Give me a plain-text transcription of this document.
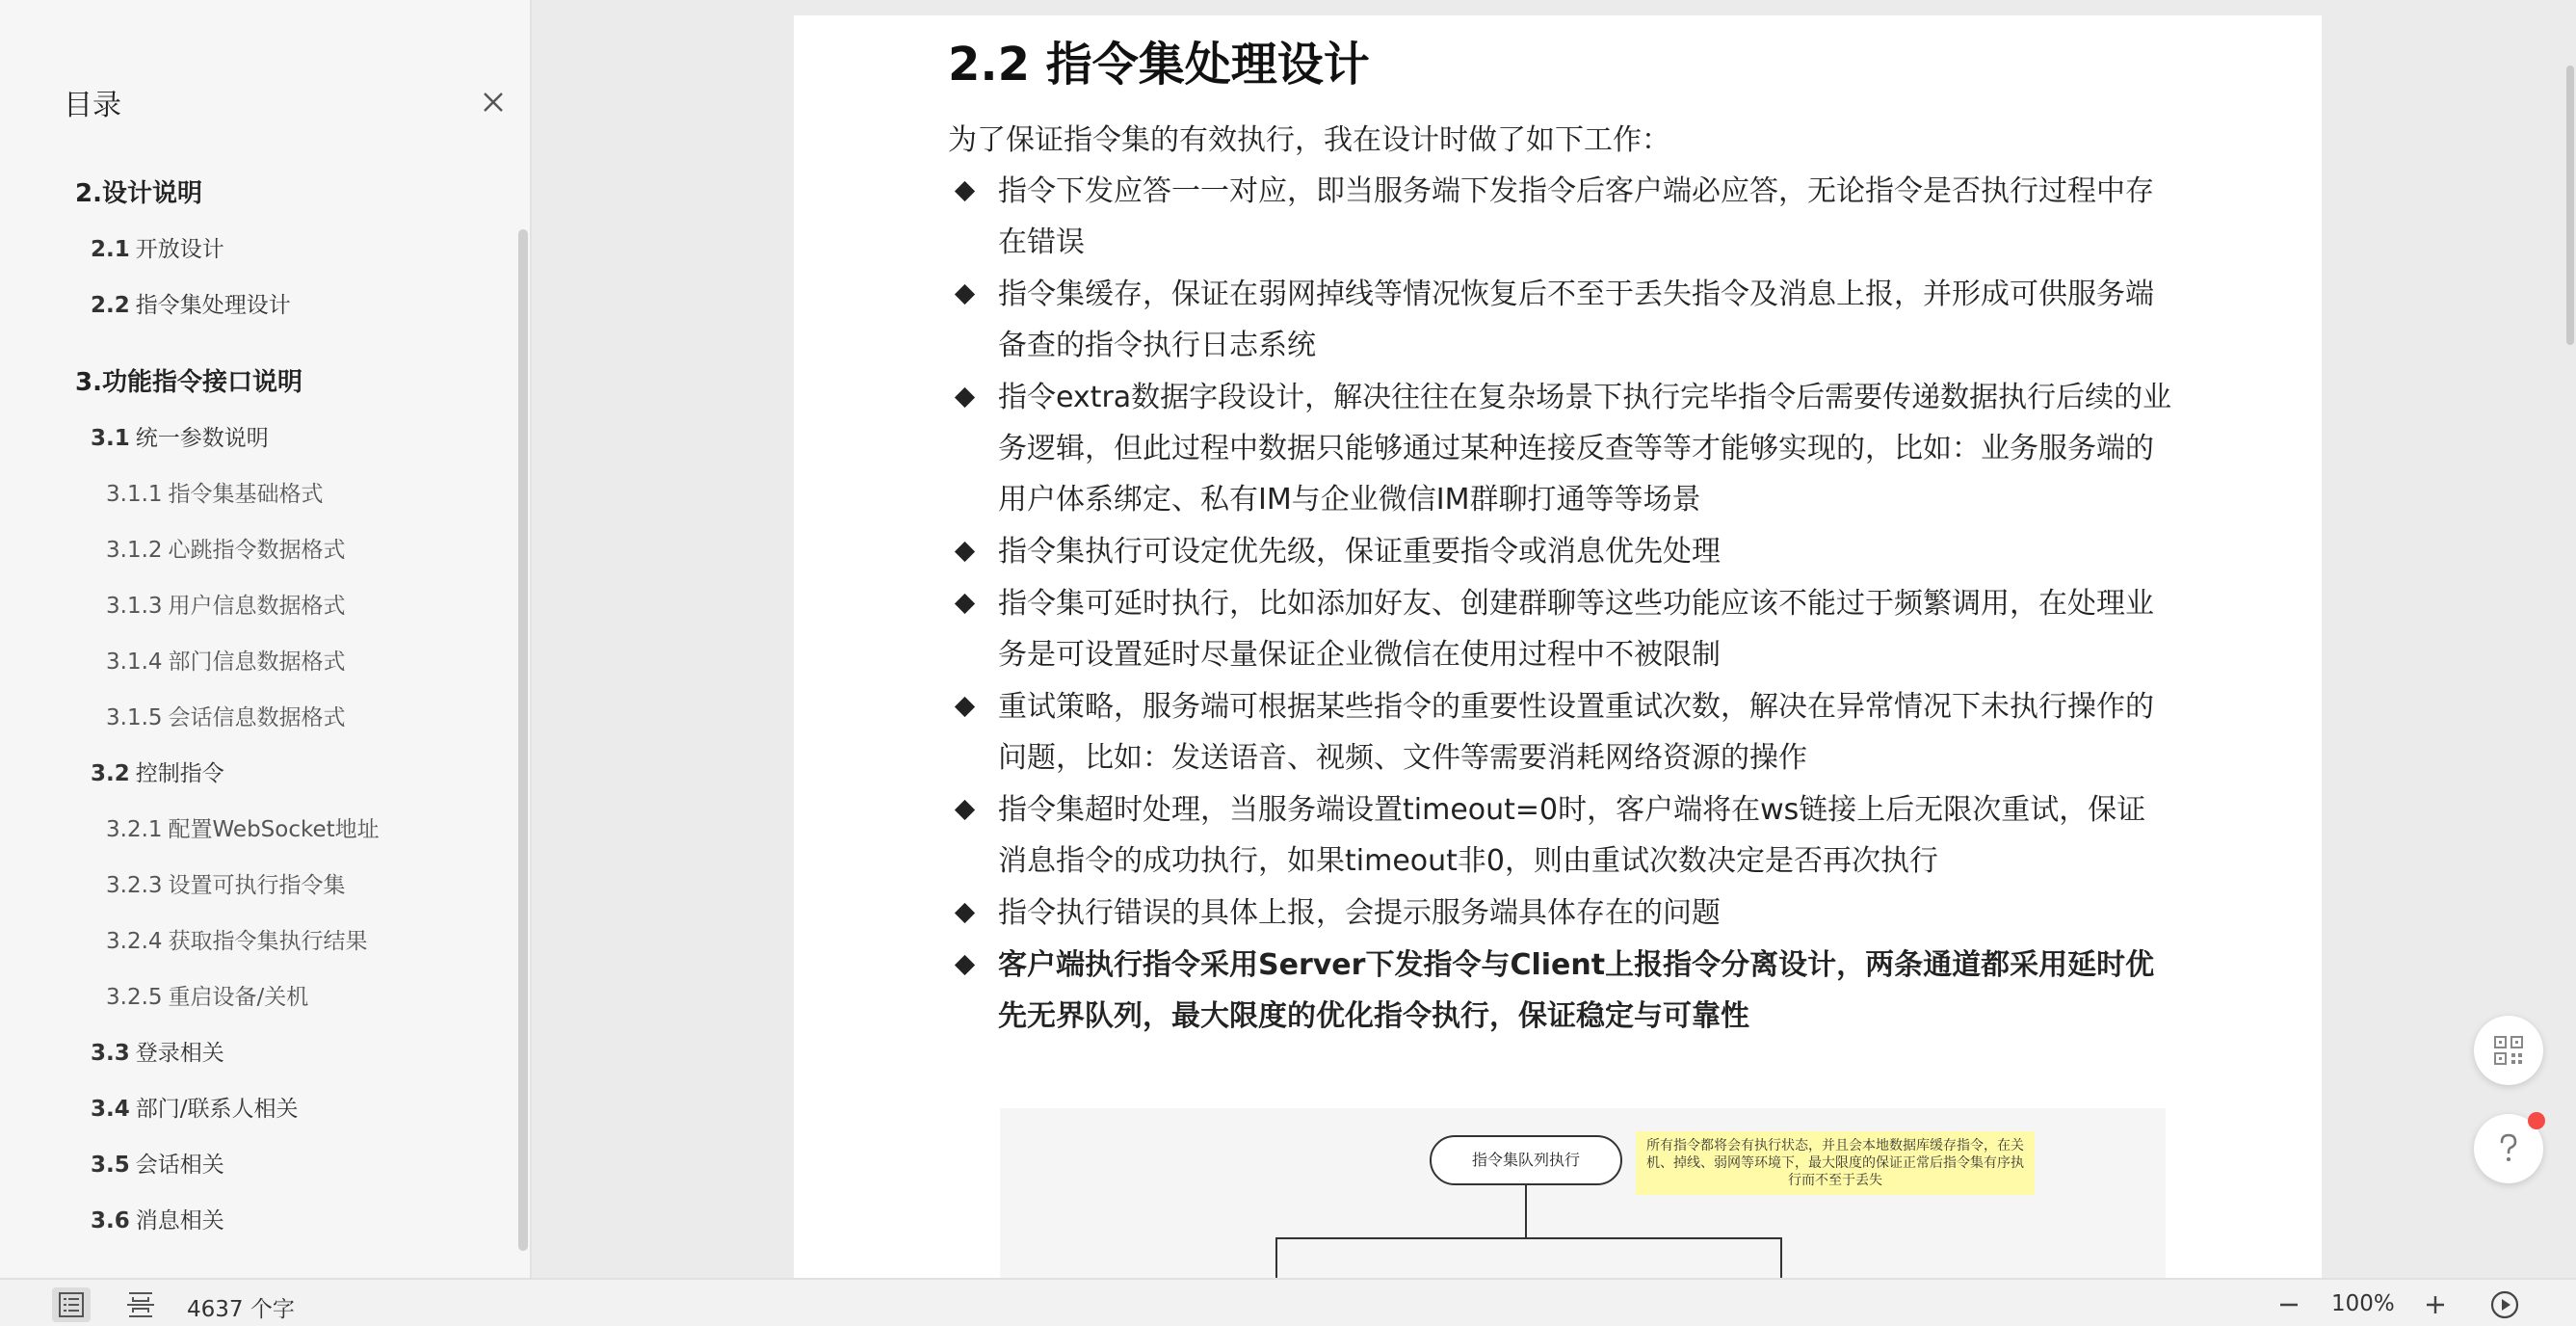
目录
2.设计说明
2.1 开放设计
2.2 指令集处理设计
3.功能指令接口说明
3.1 统一参数说明
3.1.1 指令集基础格式
3.1.2 心跳指令数据格式
3.1.3 用户信息数据格式
3.1.4 部门信息数据格式
3.1.5 会话信息数据格式
3.2 控制指令
3.2.1 配置WebSocket地址
3.2.3 设置可执行指令集
3.2.4 获取指令集执行结果
3.2.5 重启设备/关机
3.3 登录相关
3.4 部门/联系人相关
3.5 会话相关
3.6 消息相关
2.2 指令集处理设计
为了保证指令集的有效执行，我在设计时做了如下工作：
指令下发应答一一对应，即当服务端下发指令后客户端必应答，无论指令是否执行过程中存在错误
指令集缓存，保证在弱网掉线等情况恢复后不至于丢失指令及消息上报，并形成可供服务端备查的指令执行日志系统
指令extra数据字段设计，解决往往在复杂场景下执行完毕指令后需要传递数据执行后续的业务逻辑，但此过程中数据只能够通过某种连接反查等等才能够实现的，比如：业务服务端的用户体系绑定、私有IM与企业微信IM群聊打通等等场景
指令集执行可设定优先级，保证重要指令或消息优先处理
指令集可延时执行，比如添加好友、创建群聊等这些功能应该不能过于频繁调用，在处理业务是可设置延时尽量保证企业微信在使用过程中不被限制
重试策略，服务端可根据某些指令的重要性设置重试次数，解决在异常情况下未执行操作的问题，比如：发送语音、视频、文件等需要消耗网络资源的操作
指令集超时处理，当服务端设置timeout=0时，客户端将在ws链接上后无限次重试，保证消息指令的成功执行，如果timeout非0，则由重试次数决定是否再次执行
指令执行错误的具体上报，会提示服务端具体存在的问题
客户端执行指令采用Server下发指令与Client上报指令分离设计，两条通道都采用延时优先无界队列，最大限度的优化指令执行，保证稳定与可靠性
指令集队列执行
所有指令都将会有执行状态，并且会本地数据库缓存指令，在关机、掉线、弱网等环境下，最大限度的保证正常后指令集有序执行而不至于丢失
4637 个字	100%
